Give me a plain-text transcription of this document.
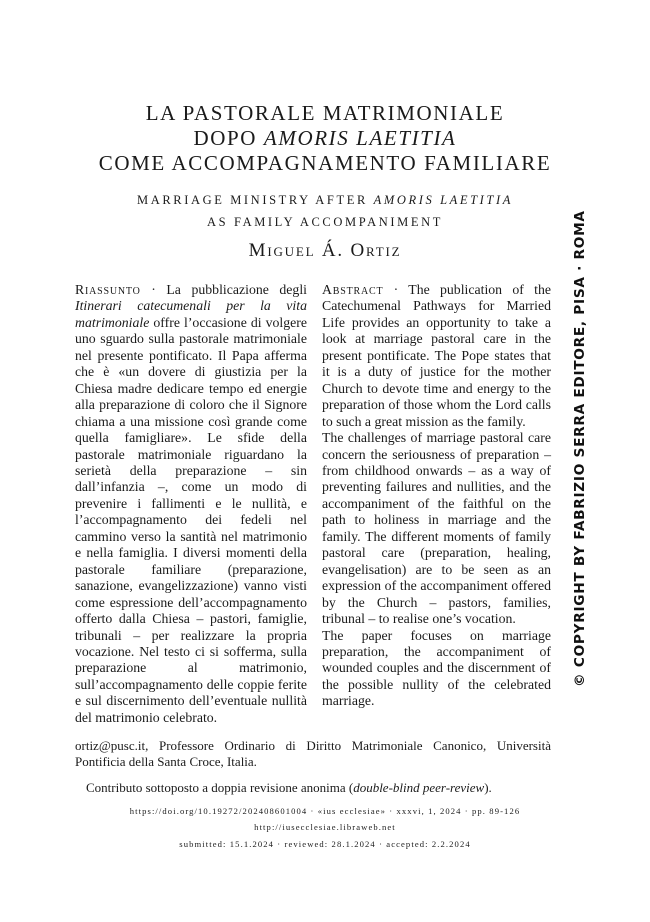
LA PASTORALE MATRIMONIALE
DOPO AMORIS LAETITIA
COME ACCOMPAGNAMENTO FAMILIARE
MARRIAGE MINISTRY AFTER AMORIS LAETITIA
AS FAMILY ACCOMPANIMENT
Miguel Á. Ortiz

Riassunto · La pubblicazione degli Itinerari catecumenali per la vita matrimoniale offre l’occasione di volgere uno sguardo sulla pastorale matrimoniale nel presente pontificato. Il Papa afferma che è «un dovere di giustizia per la Chiesa madre dedicare tempo ed energie alla preparazione di coloro che il Signore chiama a una missione così grande come quella famigliare». Le sfide della pastorale matrimoniale riguardano la serietà della preparazione – sin dall’infanzia –, come un modo di prevenire i fallimenti e le nullità, e l’accompagnamento dei fedeli nel cammino verso la santità nel matrimonio e nella famiglia. I diversi momenti della pastorale familiare (preparazione, sanazione, evangelizzazione) vanno visti come espressione dell’accompagnamento offerto dalla Chiesa – pastori, famiglie, tribunali – per realizzare la propria vocazione. Nel testo ci si sofferma, sulla preparazione al matrimonio, sull’accompagnamento delle coppie ferite e sul discernimento dell’eventuale nullità del matrimonio celebrato.

Abstract · The publication of the Catechumenal Pathways for Married Life provides an opportunity to take a look at marriage pastoral care in the present pontificate. The Pope states that it is a duty of justice for the mother Church to devote time and energy to the preparation of those whom the Lord calls to such a great mission as the family.

The challenges of marriage pastoral care concern the seriousness of preparation – from childhood onwards – as a way of preventing failures and nullities, and the accompaniment of the faithful on the path to holiness in marriage and the family. The different moments of family pastoral care (preparation, healing, evangelisation) are to be seen as an expression of the accompaniment offered by the Church – pastors, families, tribunal – to realise one’s vocation.

The paper focuses on marriage preparation, the accompaniment of wounded couples and the discernment of the possible nullity of the celebrated marriage.

ortiz@pusc.it, Professore Ordinario di Diritto Matrimoniale Canonico, Università Pontificia della Santa Croce, Italia.

Contributo sottoposto a doppia revisione anonima (double-blind peer-review).

https://doi.org/10.19272/202408601004 · «ius ecclesiae» · xxxvi, 1, 2024 · pp. 89-126
http://iusecclesiae.libraweb.net
submitted: 15.1.2024 · reviewed: 28.1.2024 · accepted: 2.2.2024
© COPYRIGHT BY FABRIZIO SERRA EDITORE, PISA · ROMA
